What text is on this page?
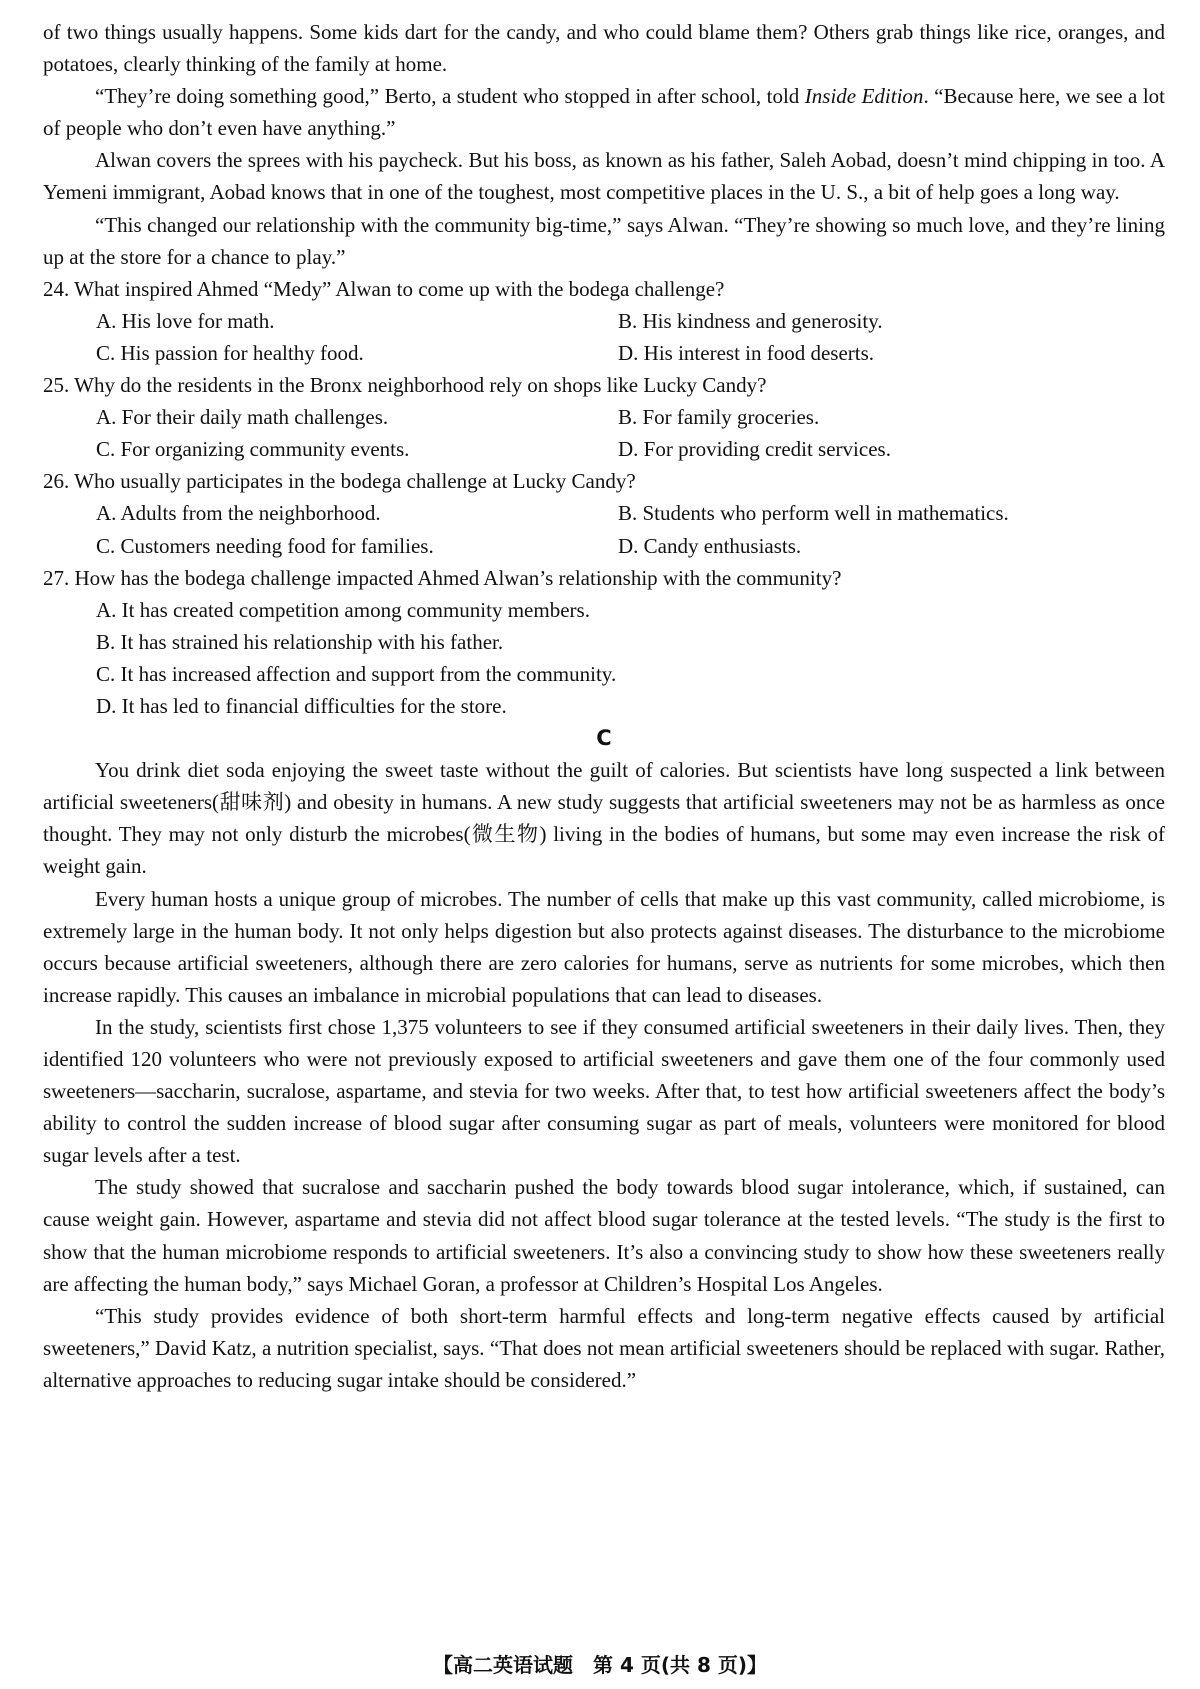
of two things usually happens. Some kids dart for the candy, and who could blame them? Others grab things like rice, oranges, and potatoes, clearly thinking of the family at home.

“They’re doing something good,” Berto, a student who stopped in after school, told Inside Edition. “Because here, we see a lot of people who don’t even have anything.”

Alwan covers the sprees with his paycheck. But his boss, as known as his father, Saleh Aobad, doesn’t mind chipping in too. A Yemeni immigrant, Aobad knows that in one of the toughest, most competitive places in the U. S., a bit of help goes a long way.

“This changed our relationship with the community big-time,” says Alwan. “They’re showing so much love, and they’re lining up at the store for a chance to play.”

24. What inspired Ahmed “Medy” Alwan to come up with the bodega challenge?

A. His love for math.	B. His kindness and generosity.
C. His passion for healthy food.	D. His interest in food deserts.

25. Why do the residents in the Bronx neighborhood rely on shops like Lucky Candy?

A. For their daily math challenges.	B. For family groceries.
C. For organizing community events.	D. For providing credit services.

26. Who usually participates in the bodega challenge at Lucky Candy?

A. Adults from the neighborhood.	B. Students who perform well in mathematics.
C. Customers needing food for families.	D. Candy enthusiasts.

27. How has the bodega challenge impacted Ahmed Alwan’s relationship with the community?

A. It has created competition among community members.
B. It has strained his relationship with his father.
C. It has increased affection and support from the community.
D. It has led to financial difficulties for the store.

C

You drink diet soda enjoying the sweet taste without the guilt of calories. But scientists have long suspected a link between artificial sweeteners(甜味剂) and obesity in humans. A new study suggests that artificial sweeteners may not be as harmless as once thought. They may not only disturb the microbes(微生物) living in the bodies of humans, but some may even increase the risk of weight gain.

Every human hosts a unique group of microbes. The number of cells that make up this vast community, called microbiome, is extremely large in the human body. It not only helps digestion but also protects against diseases. The disturbance to the microbiome occurs because artificial sweeteners, although there are zero calories for humans, serve as nutrients for some microbes, which then increase rapidly. This causes an imbalance in microbial populations that can lead to diseases.

In the study, scientists first chose 1,375 volunteers to see if they consumed artificial sweeteners in their daily lives. Then, they identified 120 volunteers who were not previously exposed to artificial sweeteners and gave them one of the four commonly used sweeteners—saccharin, sucralose, aspartame, and stevia for two weeks. After that, to test how artificial sweeteners affect the body’s ability to control the sudden increase of blood sugar after consuming sugar as part of meals, volunteers were monitored for blood sugar levels after a test.

The study showed that sucralose and saccharin pushed the body towards blood sugar intolerance, which, if sustained, can cause weight gain. However, aspartame and stevia did not affect blood sugar tolerance at the tested levels. “The study is the first to show that the human microbiome responds to artificial sweeteners. It’s also a convincing study to show how these sweeteners really are affecting the human body,” says Michael Goran, a professor at Children’s Hospital Los Angeles.

“This study provides evidence of both short-term harmful effects and long-term negative effects caused by artificial sweeteners,” David Katz, a nutrition specialist, says. “That does not mean artificial sweeteners should be replaced with sugar. Rather, alternative approaches to reducing sugar intake should be considered.”

【高二英语试题　第 4 页(共 8 页)】
